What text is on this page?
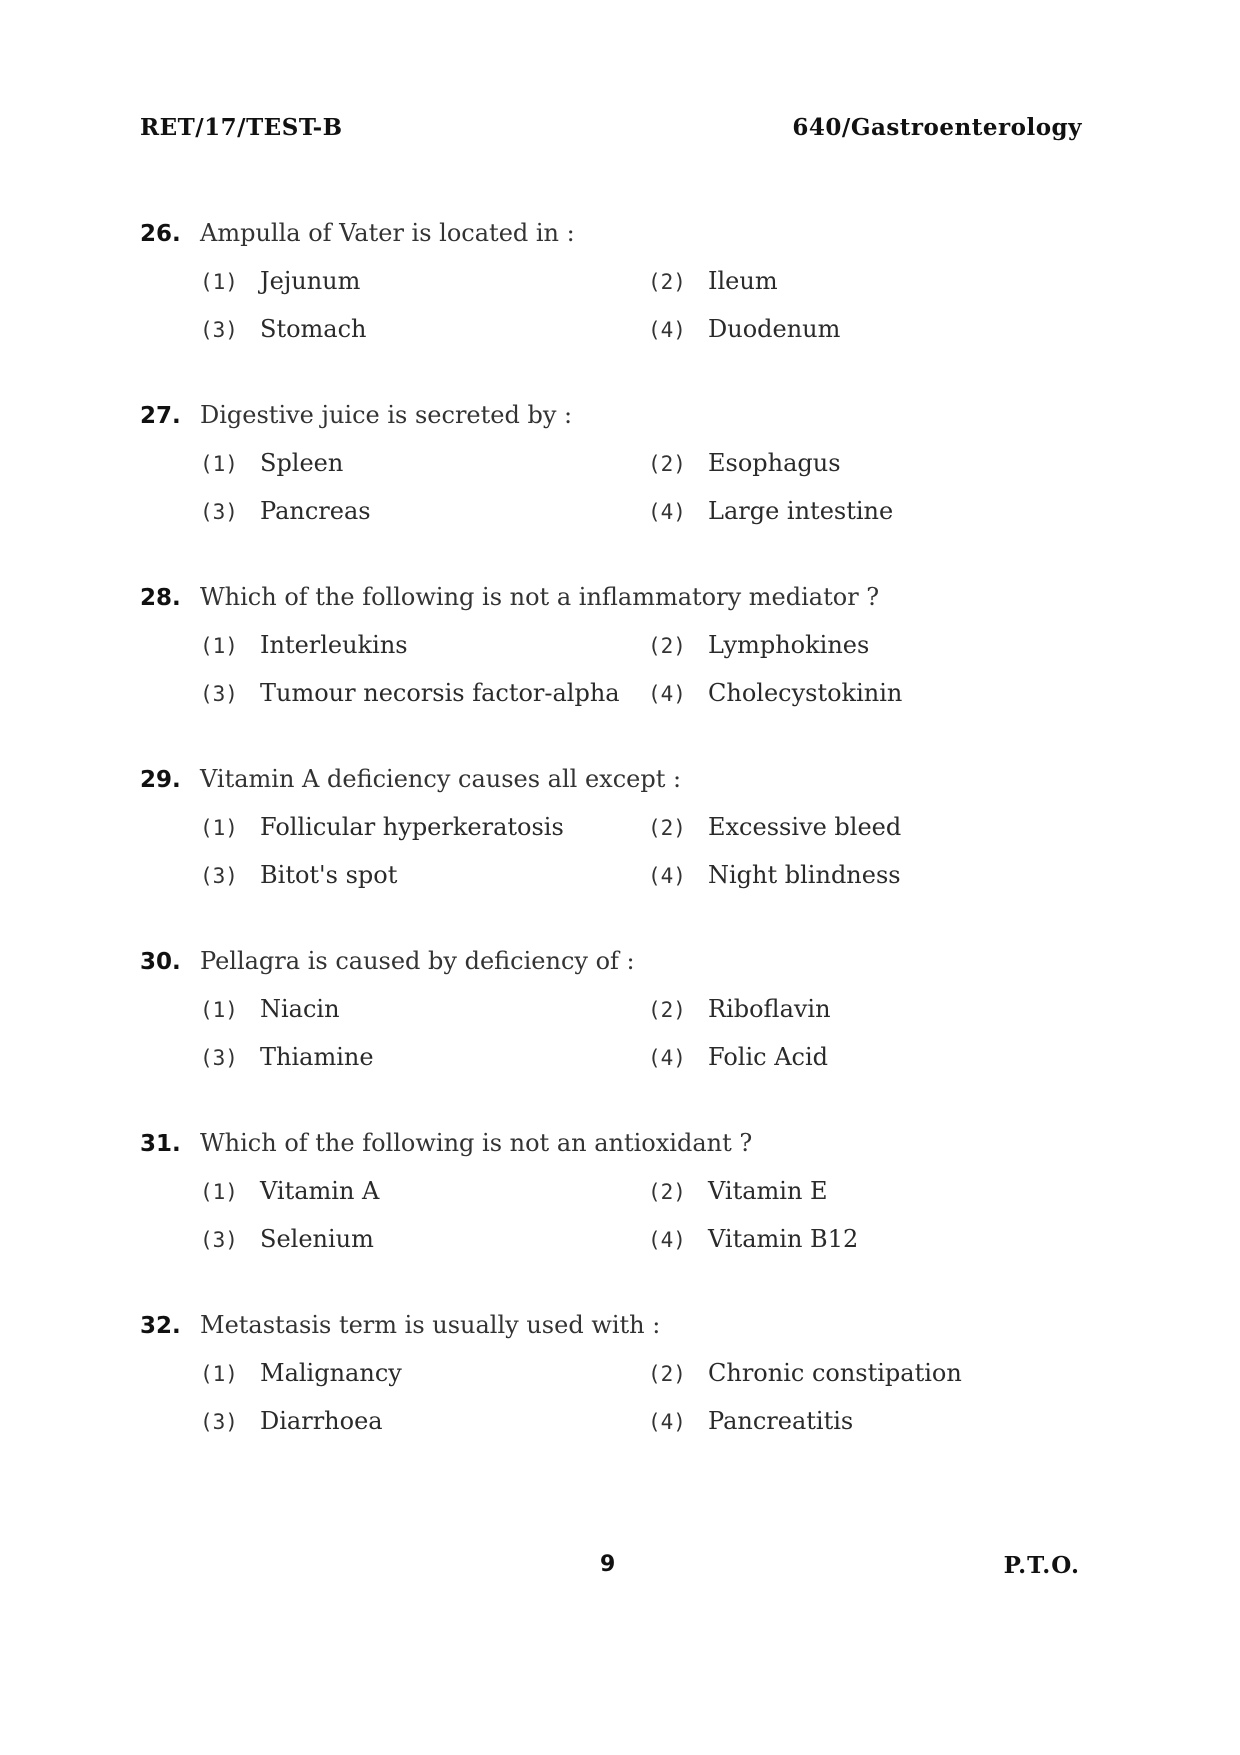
RET/17/TEST-B	640/Gastroenterology
26. Ampulla of Vater is located in :
(1) Jejunum	(2) Ileum
(3) Stomach	(4) Duodenum
27. Digestive juice is secreted by :
(1) Spleen	(2) Esophagus
(3) Pancreas	(4) Large intestine
28. Which of the following is not a inflammatory mediator ?
(1) Interleukins	(2) Lymphokines
(3) Tumour necorsis factor-alpha (4) Cholecystokinin
29. Vitamin A deficiency causes all except :
(1) Follicular hyperkeratosis	(2) Excessive bleed
(3) Bitot's spot	(4) Night blindness
30. Pellagra is caused by deficiency of :
(1) Niacin	(2) Riboflavin
(3) Thiamine	(4) Folic Acid
31. Which of the following is not an antioxidant ?
(1) Vitamin A	(2) Vitamin E
(3) Selenium	(4) Vitamin B12
32. Metastasis term is usually used with :
(1) Malignancy	(2) Chronic constipation
(3) Diarrhoea	(4) Pancreatitis
9	P.T.O.
